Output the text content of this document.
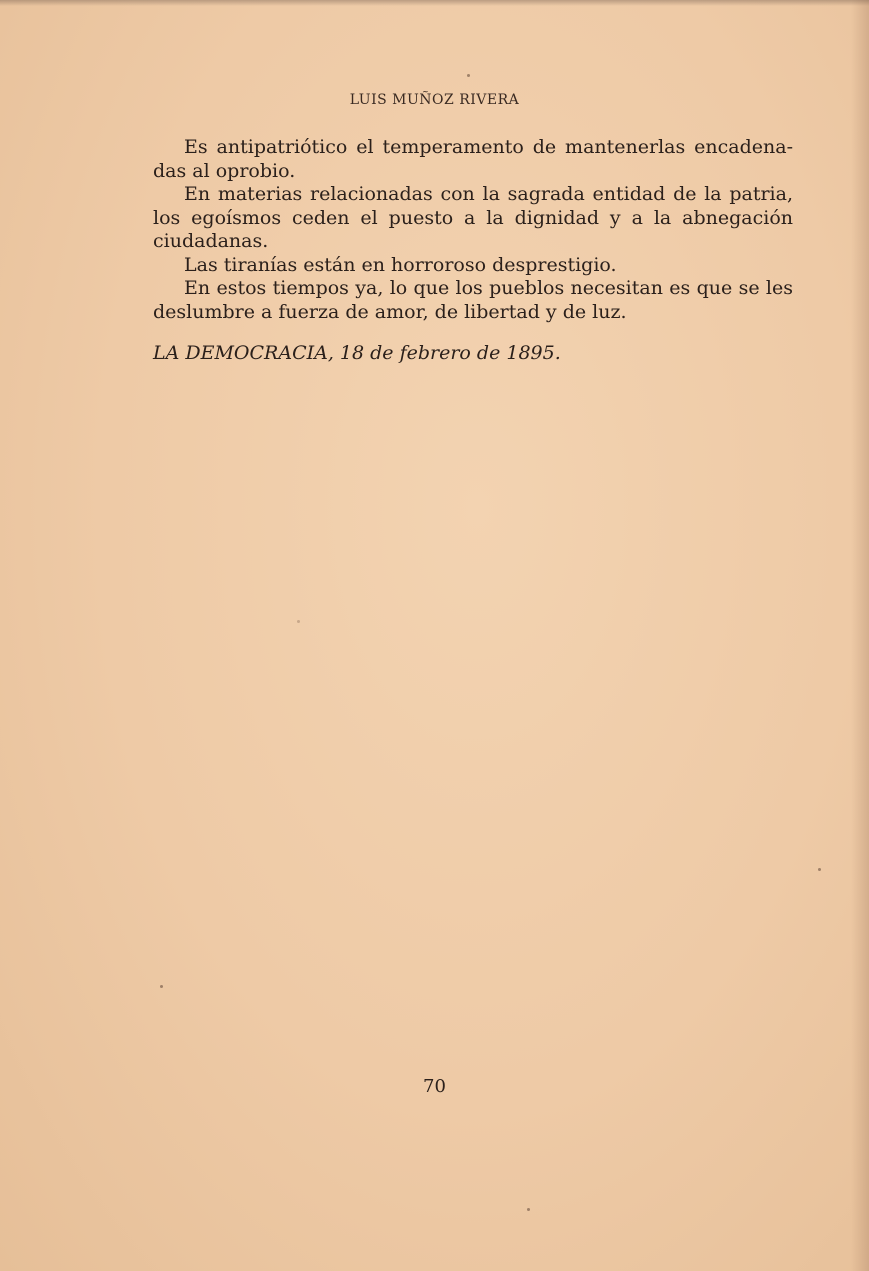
LUIS MUÑOZ RIVERA

Es antipatriótico el temperamento de mantenerlas encadena-das al oprobio.

En materias relacionadas con la sagrada entidad de la patria, los egoísmos ceden el puesto a la dignidad y a la abnegación ciudadanas.

Las tiranías están en horroroso desprestigio.

En estos tiempos ya, lo que los pueblos necesitan es que se les deslumbre a fuerza de amor, de libertad y de luz.

LA DEMOCRACIA, 18 de febrero de 1895.
70
